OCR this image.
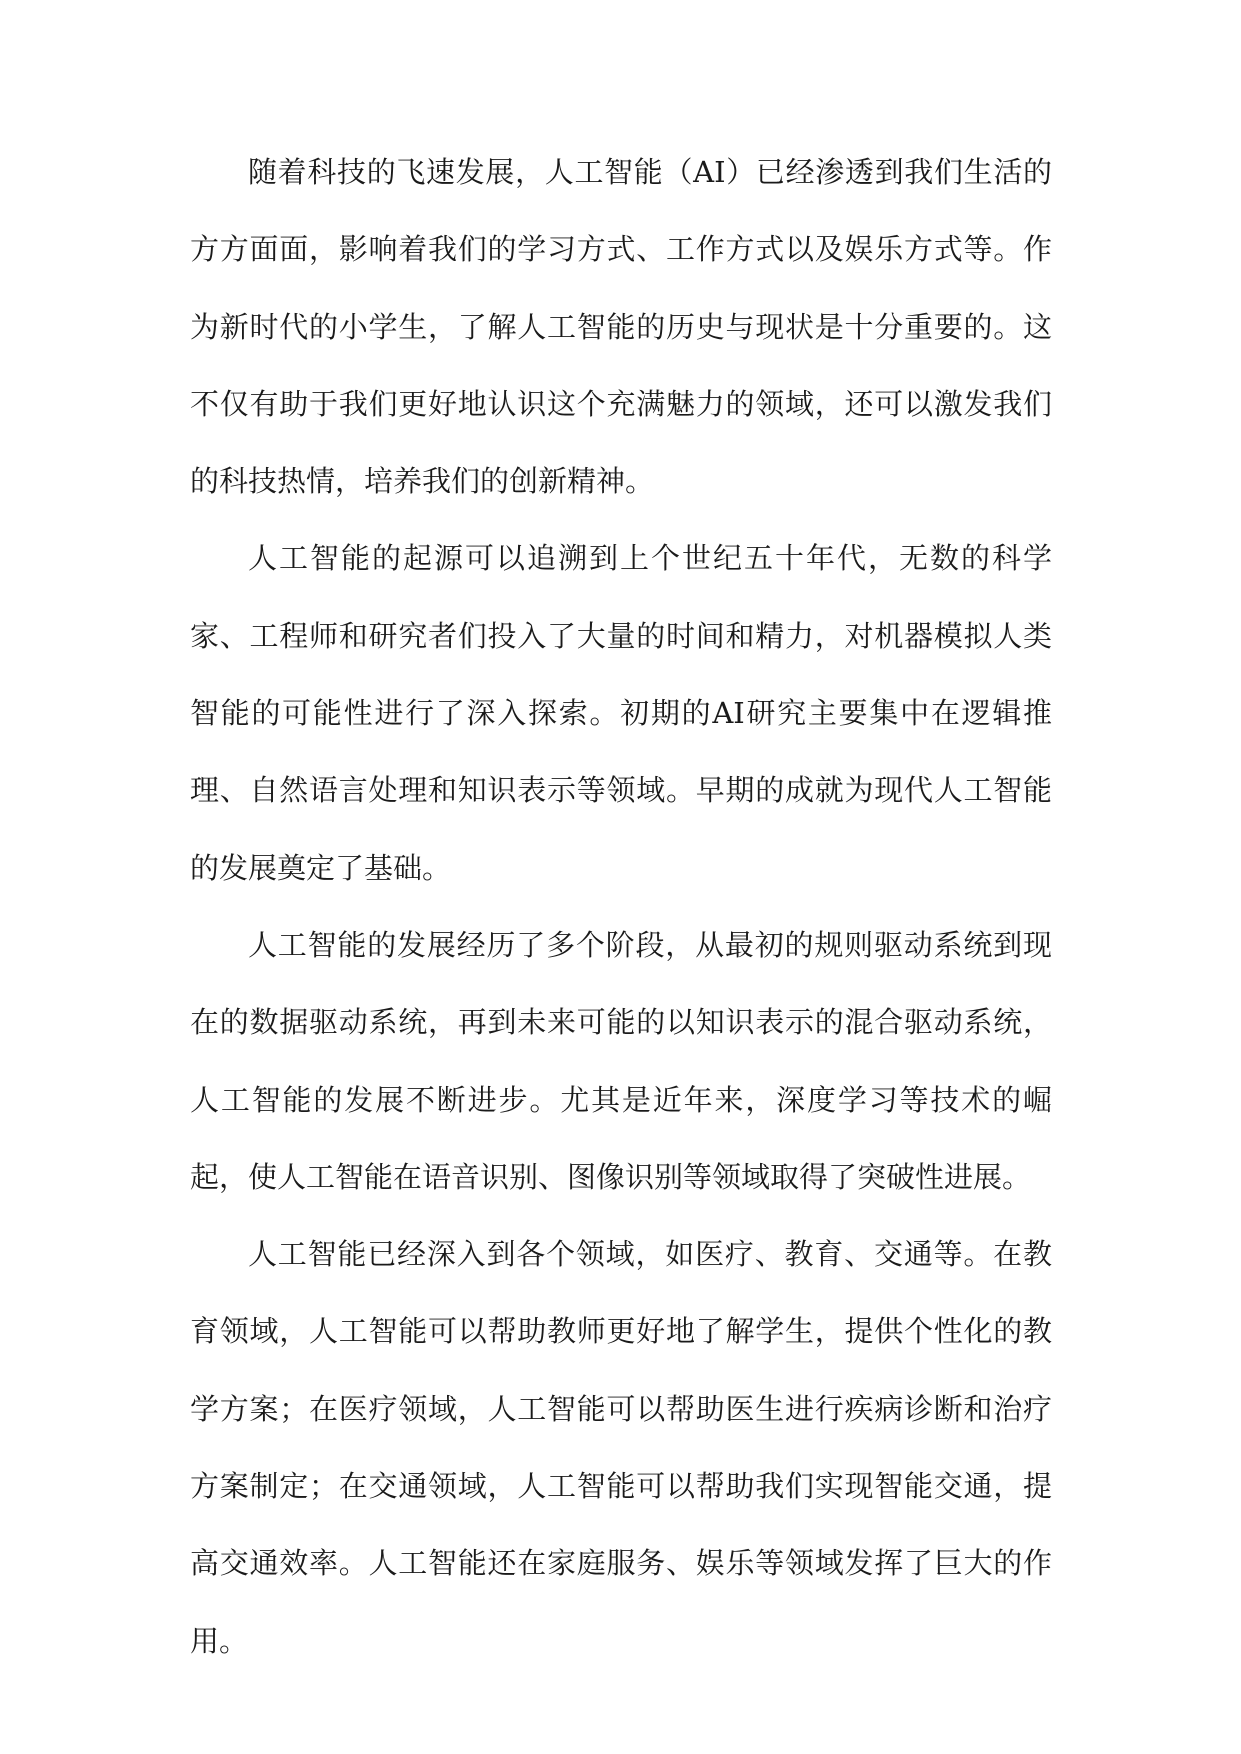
随着科技的飞速发展，人工智能（AI）已经渗透到我们生活的方方面面，影响着我们的学习方式、工作方式以及娱乐方式等。作为新时代的小学生，了解人工智能的历史与现状是十分重要的。这不仅有助于我们更好地认识这个充满魅力的领域，还可以激发我们的科技热情，培养我们的创新精神。

人工智能的起源可以追溯到上个世纪五十年代，无数的科学家、工程师和研究者们投入了大量的时间和精力，对机器模拟人类智能的可能性进行了深入探索。初期的AI研究主要集中在逻辑推理、自然语言处理和知识表示等领域。早期的成就为现代人工智能的发展奠定了基础。

人工智能的发展经历了多个阶段，从最初的规则驱动系统到现在的数据驱动系统，再到未来可能的以知识表示的混合驱动系统，人工智能的发展不断进步。尤其是近年来，深度学习等技术的崛起，使人工智能在语音识别、图像识别等领域取得了突破性进展。

人工智能已经深入到各个领域，如医疗、教育、交通等。在教育领域，人工智能可以帮助教师更好地了解学生，提供个性化的教学方案；在医疗领域，人工智能可以帮助医生进行疾病诊断和治疗方案制定；在交通领域，人工智能可以帮助我们实现智能交通，提高交通效率。人工智能还在家庭服务、娱乐等领域发挥了巨大的作用。
